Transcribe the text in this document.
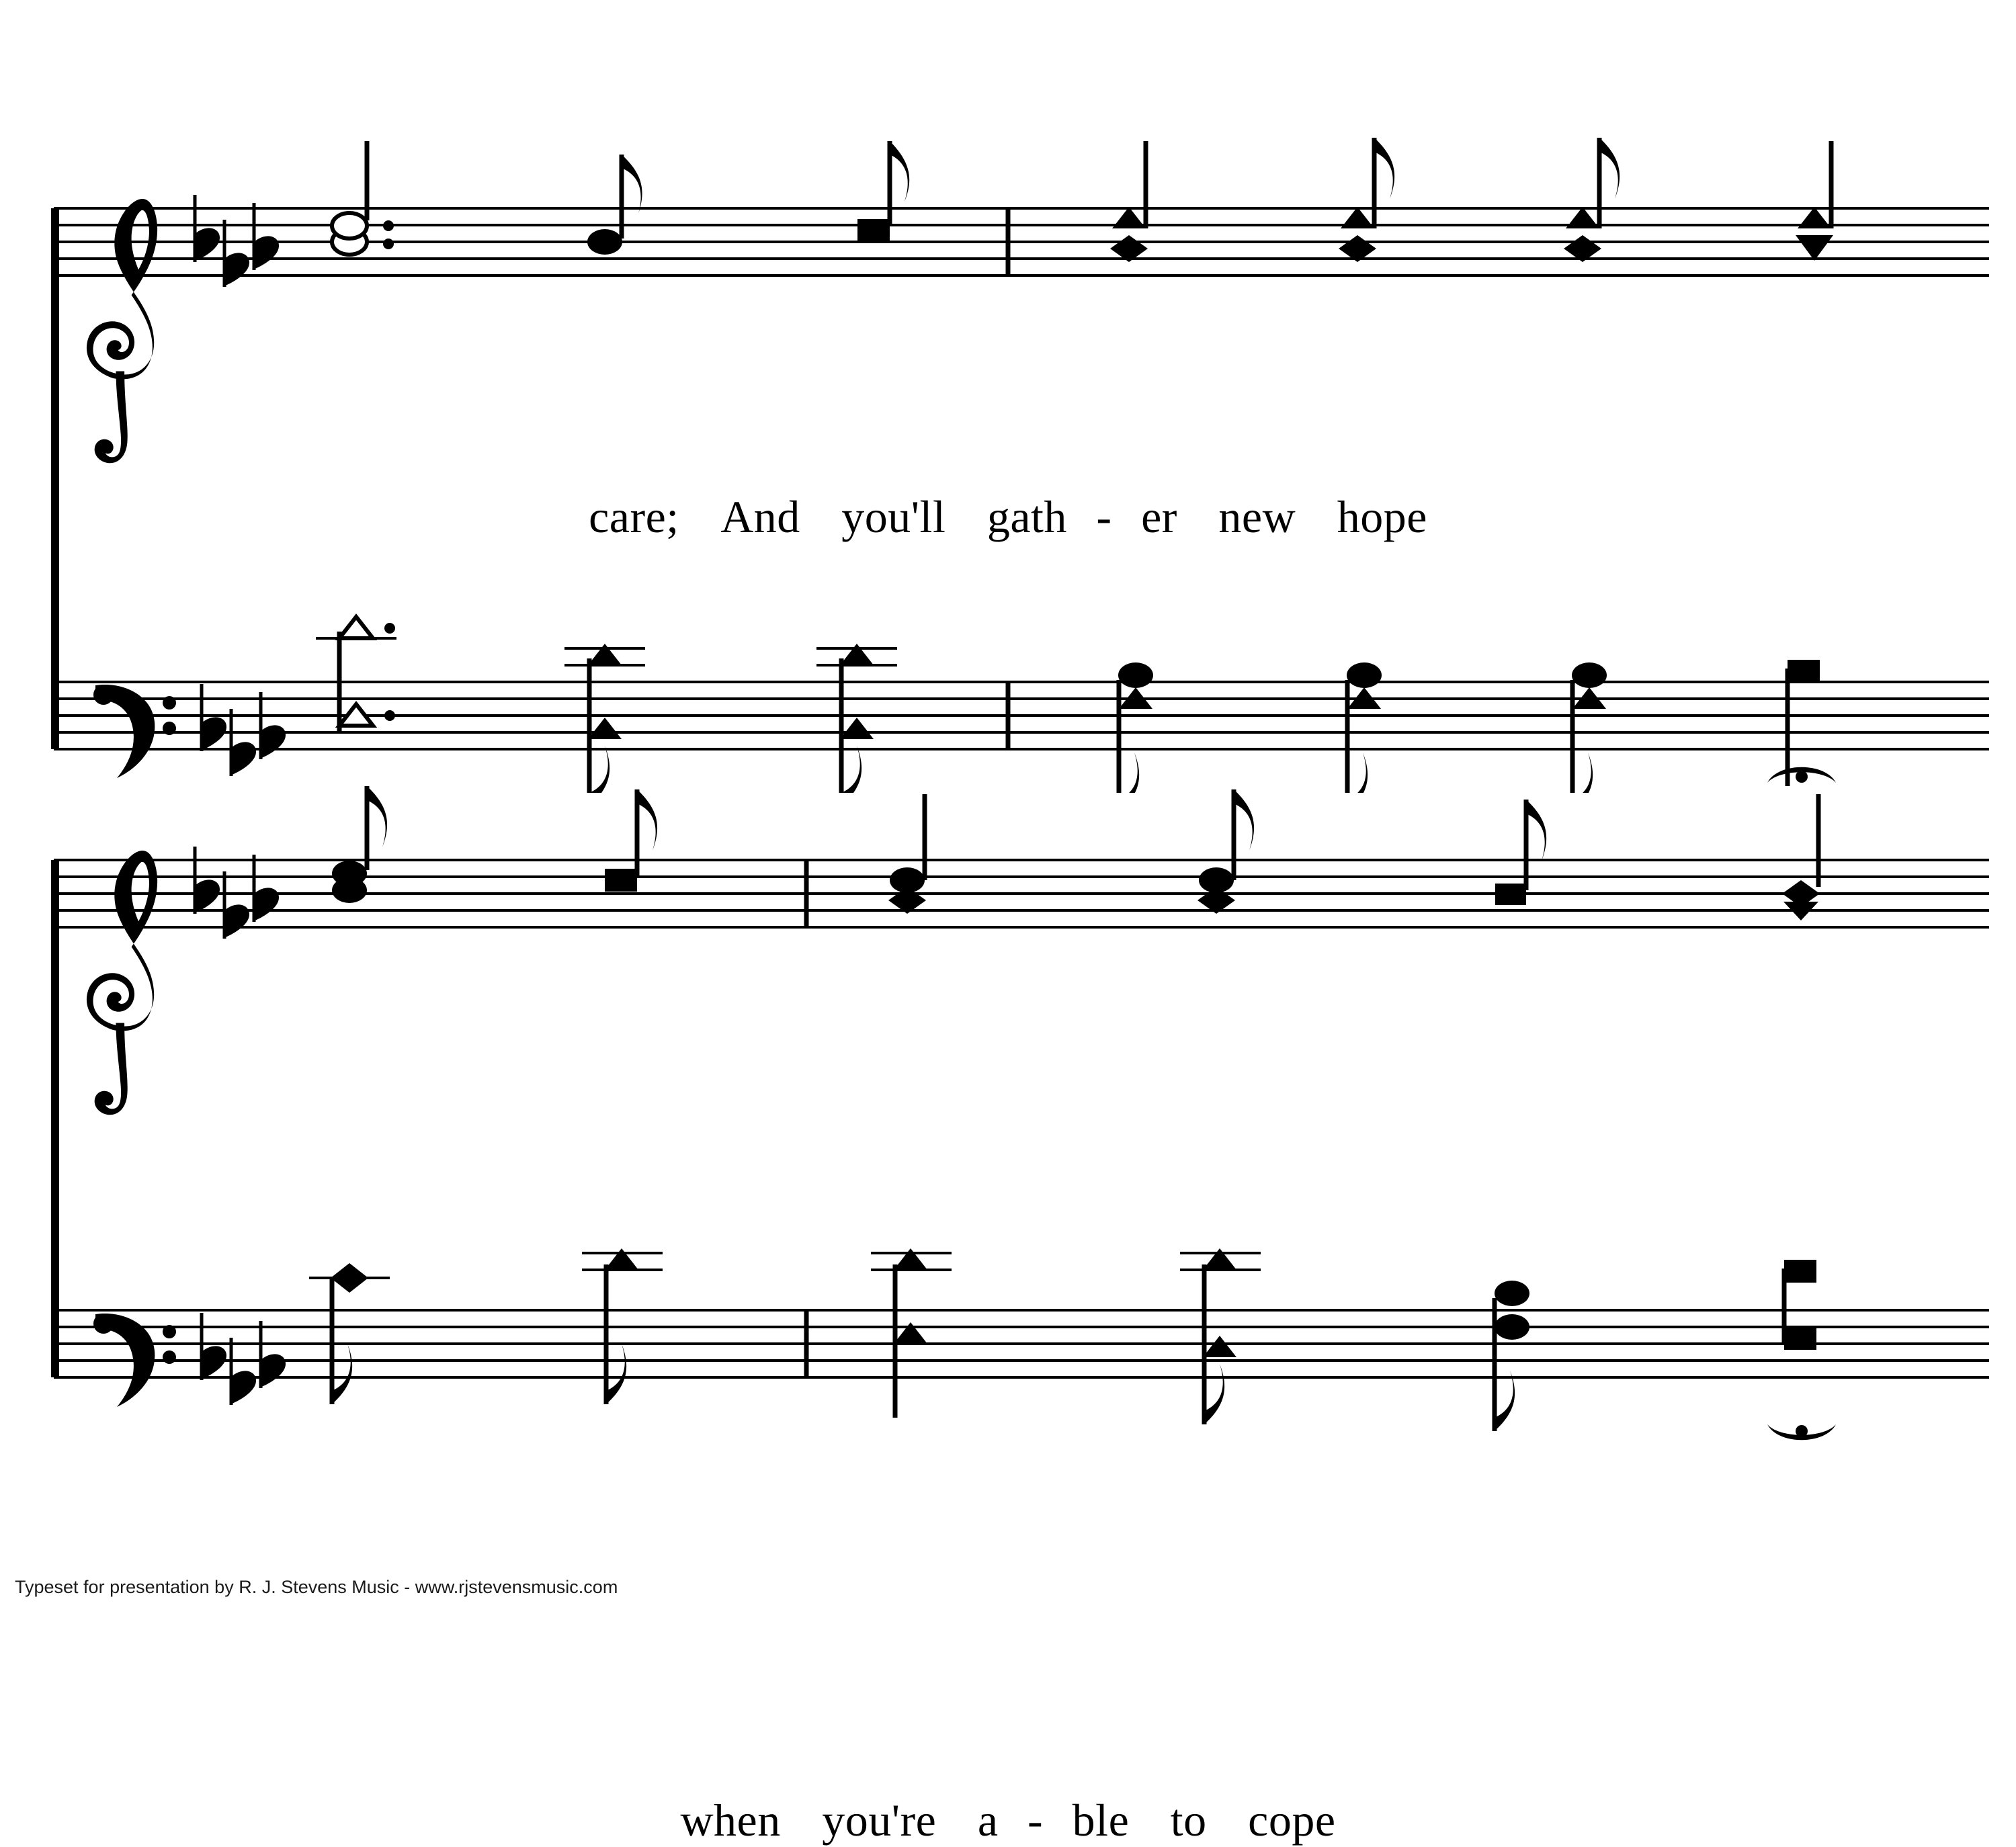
care; And you'll gath - er new hope
when you're a - ble to cope
Typeset for presentation by R. J. Stevens Music - www.rjstevensmusic.com
